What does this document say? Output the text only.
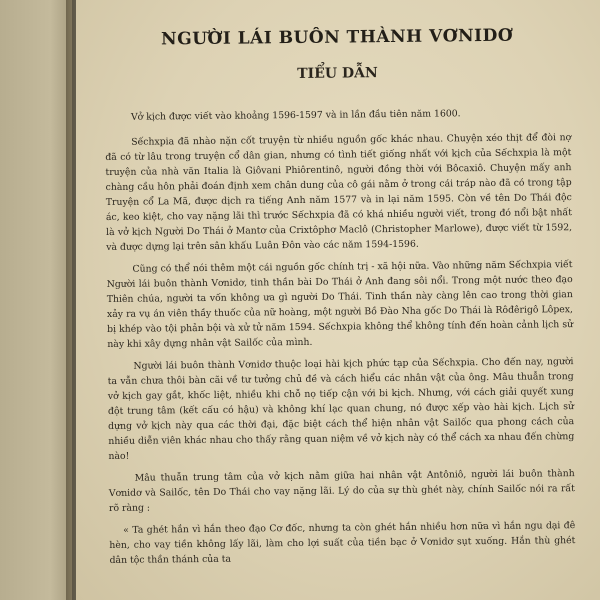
NGƯỜI LÁI BUÔN THÀNH VƠNIDƠ
TIỂU DẪN

Vở kịch được viết vào khoảng 1596-1597 và in lần đầu tiên năm 1600.

Sếchxpia đã nhào nặn cốt truyện từ nhiều nguồn gốc khác nhau. Chuyện xéo thịt để đòi nợ đã có từ lâu trong truyện cổ dân gian, nhưng có tình tiết giống nhất với kịch của Sếchxpia là một truyện của nhà văn Italia là Giôvani Phiôrentinô, người đồng thời với Bôcaxiô. Chuyện mấy anh chàng cầu hôn phải đoán định xem chân dung của cô gái nằm ở trong cái tráp nào đã có trong tập Truyện cổ La Mã, được dịch ra tiếng Anh năm 1577 và in lại năm 1595. Còn về tên Do Thái độc ác, keo kiệt, cho vay nặng lãi thì trước Sếchxpia đã có khá nhiều người viết, trong đó nổi bật nhất là vở kịch Người Do Thái ở Mantơ của Crixtôphơ Maclô (Christopher Marlowe), được viết từ 1592, và được dựng lại trên sân khấu Luân Đôn vào các năm 1594-1596.

Cũng có thể nói thêm một cái nguồn gốc chính trị - xã hội nữa. Vào những năm Sếchxpia viết Người lái buôn thành Vơnidơ, tinh thần bài Do Thái ở Anh đang sôi nổi. Trong một nước theo đạo Thiên chúa, người ta vốn không ưa gì người Do Thái. Tinh thần này càng lên cao trong thời gian xảy ra vụ án viên thầy thuốc của nữ hoàng, một người Bồ Đào Nha gốc Do Thái là Rôđêrigô Lôpex, bị khép vào tội phản bội và xử tử năm 1594. Sếchxpia không thể không tính đến hoàn cảnh lịch sử này khi xây dựng nhân vật Sailốc của mình.

Người lái buôn thành Vơnidơ thuộc loại hài kịch phức tạp của Sếchxpia. Cho đến nay, người ta vẫn chưa thôi bàn cãi về tư tưởng chủ đề và cách hiểu các nhân vật của ông. Mâu thuẫn trong vở kịch gay gắt, khốc liệt, nhiều khi chỗ nọ tiếp cận với bi kịch. Nhưng, với cách giải quyết xung đột trung tâm (kết cấu có hậu) và không khí lạc quan chung, nó được xếp vào hài kịch. Lịch sử dựng vở kịch này qua các thời đại, đặc biệt cách thể hiện nhân vật Sailốc qua phong cách của nhiều diễn viên khác nhau cho thấy rằng quan niệm về vở kịch này có thể cách xa nhau đến chừng nào!

Mâu thuẫn trung tâm của vở kịch nằm giữa hai nhân vật Antôniô, người lái buôn thành Vơnidơ và Sailốc, tên Do Thái cho vay nặng lãi. Lý do của sự thù ghét này, chính Sailốc nói ra rất rõ ràng :

« Ta ghét hắn vì hắn theo đạo Cơ đốc, nhưng ta còn ghét hắn nhiều hơn nữa vì hắn ngu dại đê hèn, cho vay tiền không lấy lãi, làm cho lợi suất của tiền bạc ở Vơnidơ sụt xuống. Hắn thù ghét dân tộc thần thánh của ta
